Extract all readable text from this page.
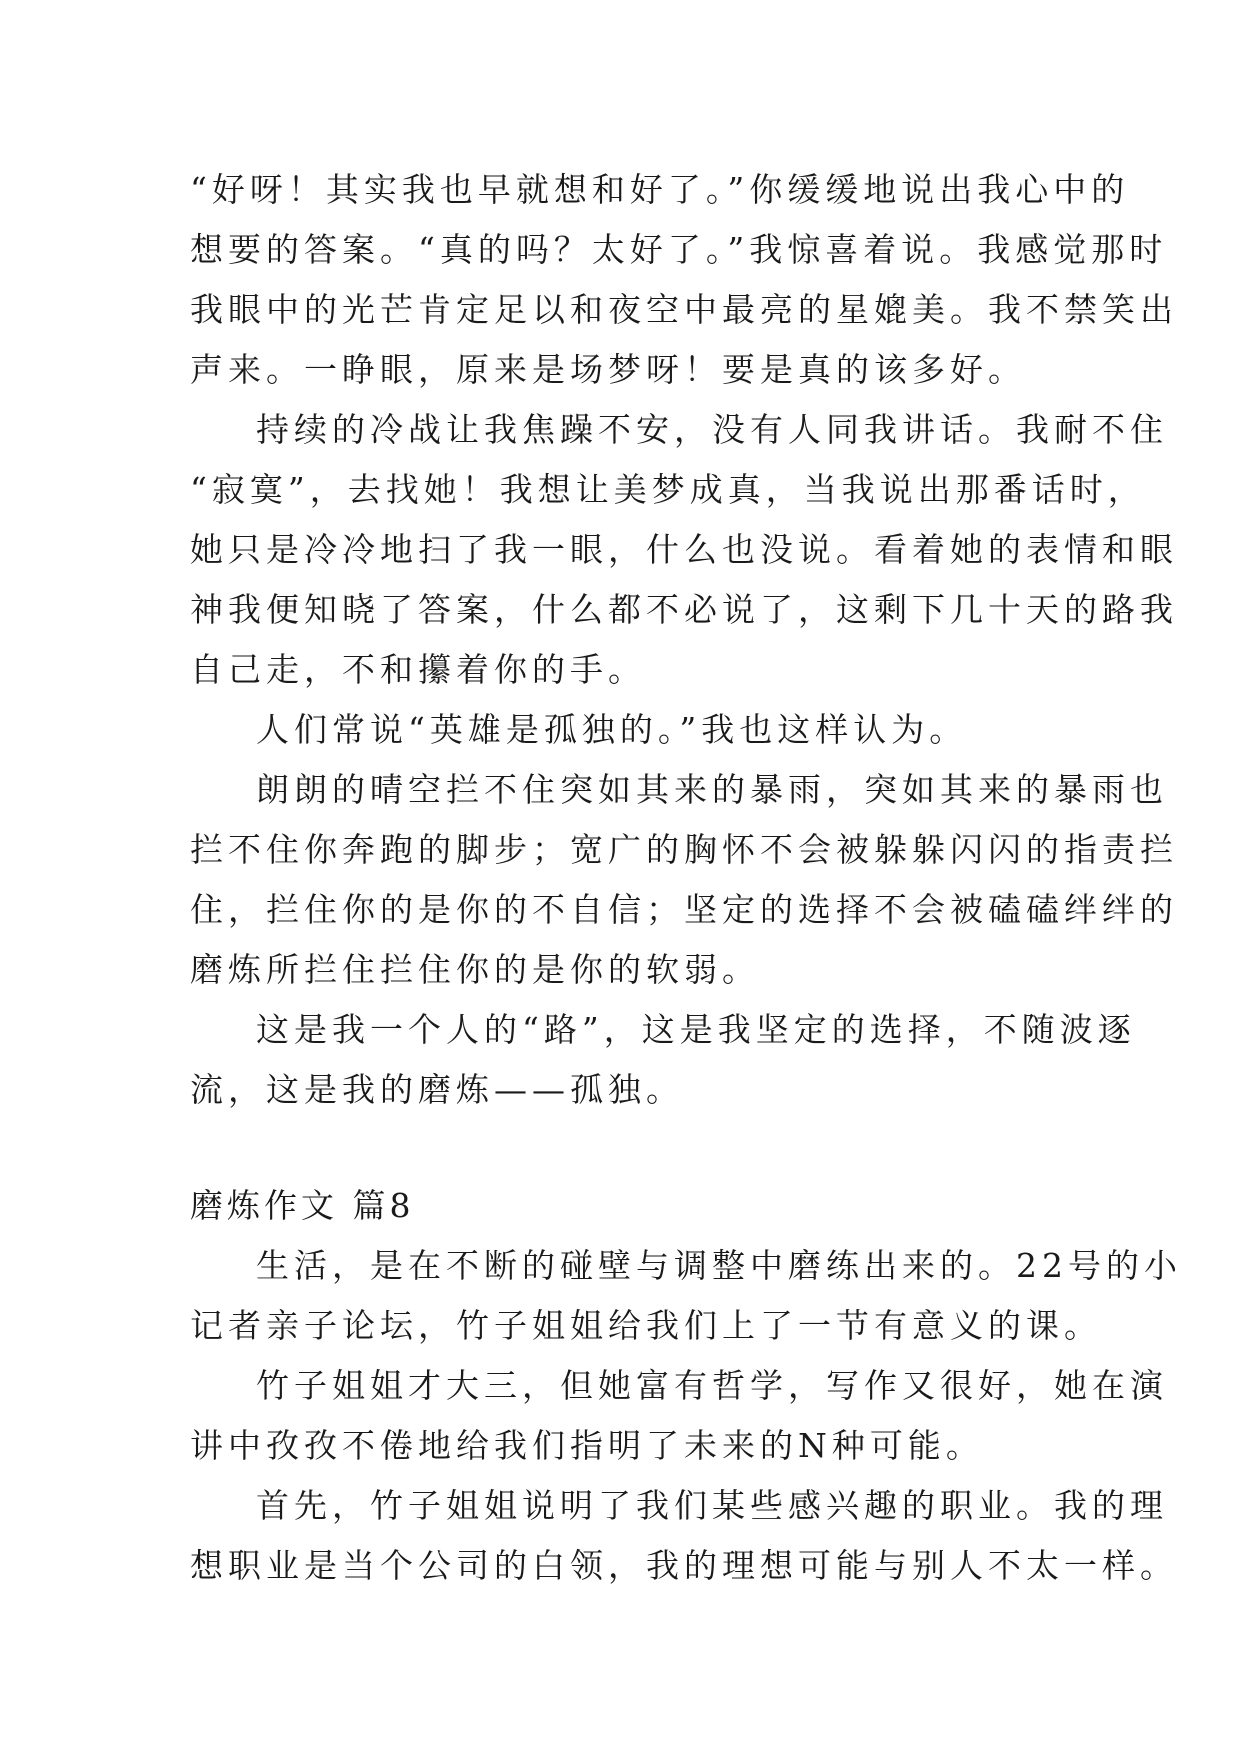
“好呀！其实我也早就想和好了。”你缓缓地说出我心中的
想要的答案。“真的吗？太好了。”我惊喜着说。我感觉那时
我眼中的光芒肯定足以和夜空中最亮的星媲美。我不禁笑出
声来。一睁眼，原来是场梦呀！要是真的该多好。
持续的冷战让我焦躁不安，没有人同我讲话。我耐不住
“寂寞”，去找她！我想让美梦成真，当我说出那番话时，
她只是冷冷地扫了我一眼，什么也没说。看着她的表情和眼
神我便知晓了答案，什么都不必说了，这剩下几十天的路我
自己走，不和攥着你的手。
人们常说“英雄是孤独的。”我也这样认为。
朗朗的晴空拦不住突如其来的暴雨，突如其来的暴雨也
拦不住你奔跑的脚步；宽广的胸怀不会被躲躲闪闪的指责拦
住，拦住你的是你的不自信；坚定的选择不会被磕磕绊绊的
磨炼所拦住拦住你的是你的软弱。
这是我一个人的“路”，这是我坚定的选择，不随波逐
流，这是我的磨炼——孤独。
磨炼作文 篇8
生活，是在不断的碰壁与调整中磨练出来的。22号的小
记者亲子论坛，竹子姐姐给我们上了一节有意义的课。
竹子姐姐才大三，但她富有哲学，写作又很好，她在演
讲中孜孜不倦地给我们指明了未来的N种可能。
首先，竹子姐姐说明了我们某些感兴趣的职业。我的理
想职业是当个公司的白领，我的理想可能与别人不太一样。
